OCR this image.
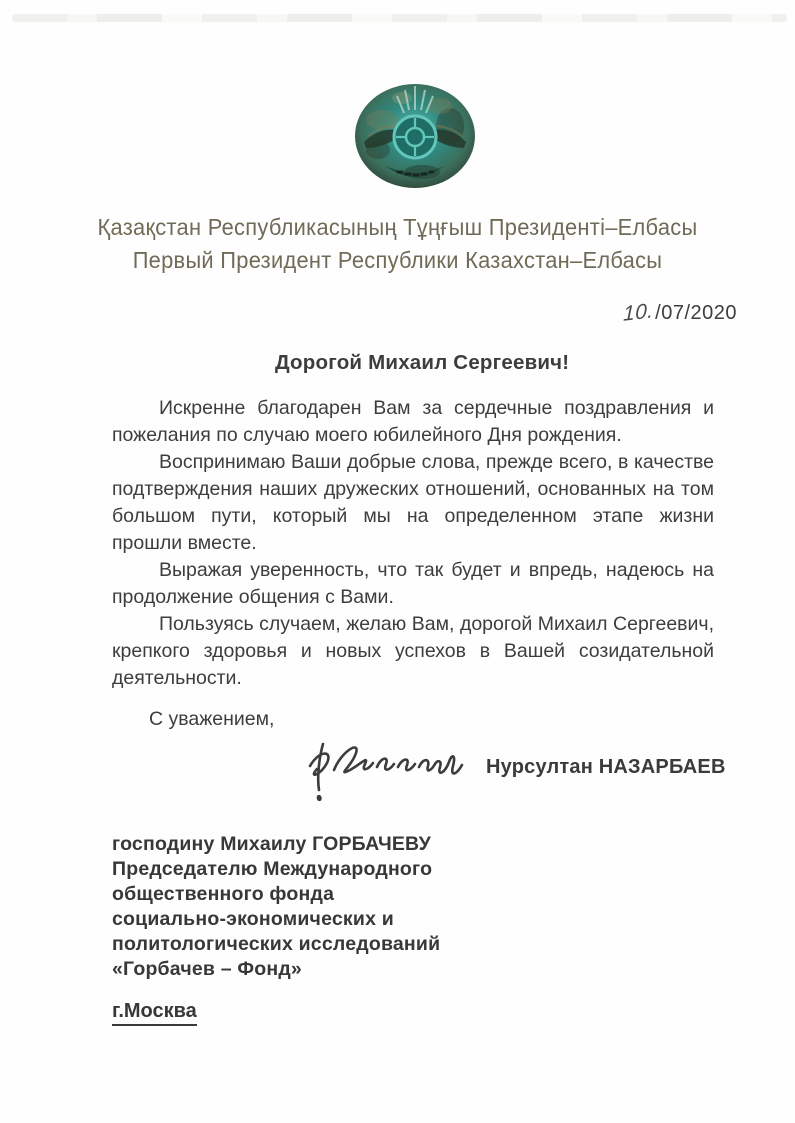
Қазақстан Республикасының Тұңғыш Президенті–Елбасы
Первый Президент Республики Казахстан–Елбасы
10./07/2020
Дорогой Михаил Сергеевич!

Искренне благодарен Вам за сердечные поздравления и пожелания по случаю моего юбилейного Дня рождения.

Воспринимаю Ваши добрые слова, прежде всего, в качестве подтверждения наших дружеских отношений, основанных на том большом пути, который мы на определенном этапе жизни прошли вместе.

Выражая уверенность, что так будет и впредь, надеюсь на продолжение общения с Вами.

Пользуясь случаем, желаю Вам, дорогой Михаил Сергеевич, крепкого здоровья и новых успехов в Вашей созидательной деятельности.

С уважением,
Нурсултан НАЗАРБАЕВ
господину Михаилу ГОРБАЧЕВУ
Председателю Международного
общественного фонда
социально-экономических и
политологических исследований
«Горбачев – Фонд»
г.Москва
